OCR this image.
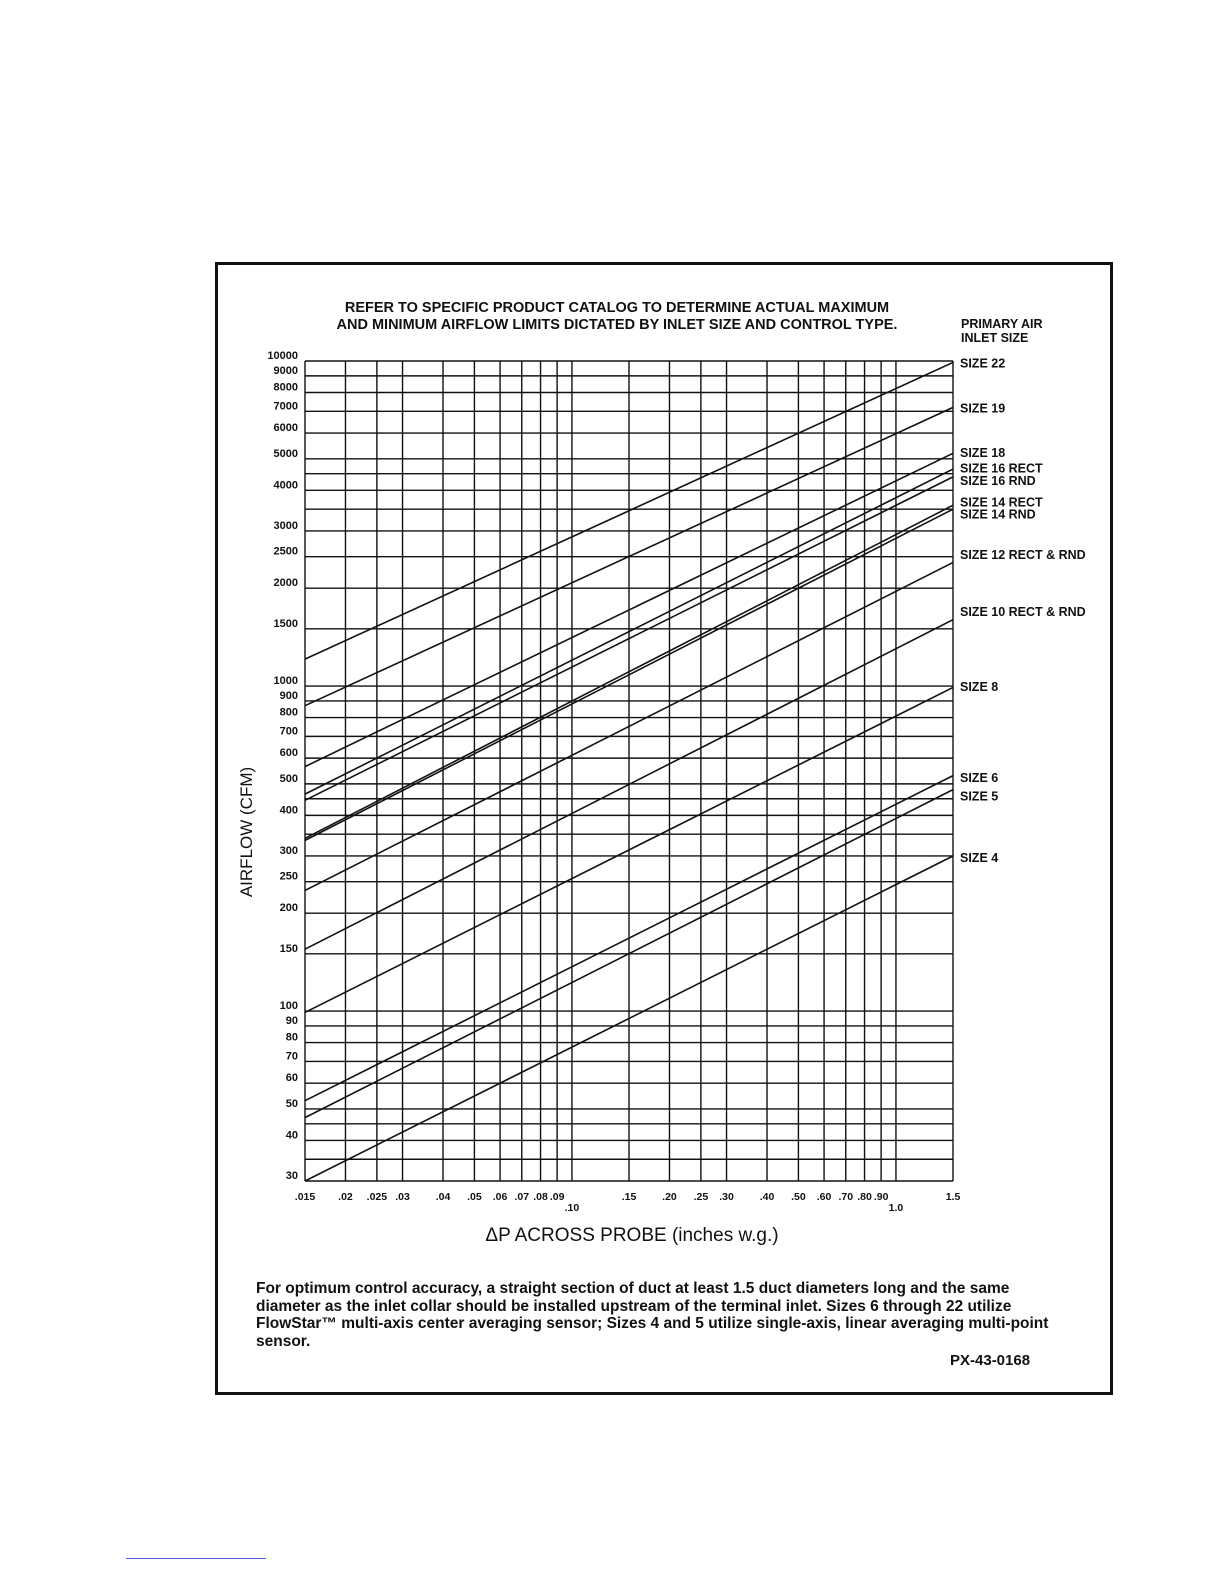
REFER TO SPECIFIC PRODUCT CATALOG TO DETERMINE ACTUAL MAXIMUM
AND MINIMUM AIRFLOW LIMITS DICTATED BY INLET SIZE AND CONTROL TYPE.	PRIMARY AIR
INLET SIZE
10000
9000
8000
7000
6000
5000
4000
3000
2500
2000
1500
1000
900
800
700
600
500
400
300
250
200
150
100
90
80
70
60
50
40
30
.015 .02 .025 .03 .04 .05 .06 .07 .08 .09
.10
.15 .20 .25 .30 .40 .50 .60 .70 .80 .90
1.0
1.5
SIZE 22
SIZE 19
SIZE 18
SIZE 16 RECT
SIZE 16 RND
SIZE 14 RECT
SIZE 14 RND
SIZE 12 RECT & RND
SIZE 10 RECT & RND
SIZE 8
SIZE 6
SIZE 5
SIZE 4
ΔP ACROSS PROBE (inches w.g.)
AIRFLOW (CFM)

For optimum control accuracy, a straight section of duct at least 1.5 duct diameters long and the same diameter as the inlet collar should be installed upstream of the terminal inlet. Sizes 6 through 22 utilize FlowStar™ multi-axis center averaging sensor; Sizes 4 and 5 utilize single-axis, linear averaging multi-point sensor.

PX-43-0168
